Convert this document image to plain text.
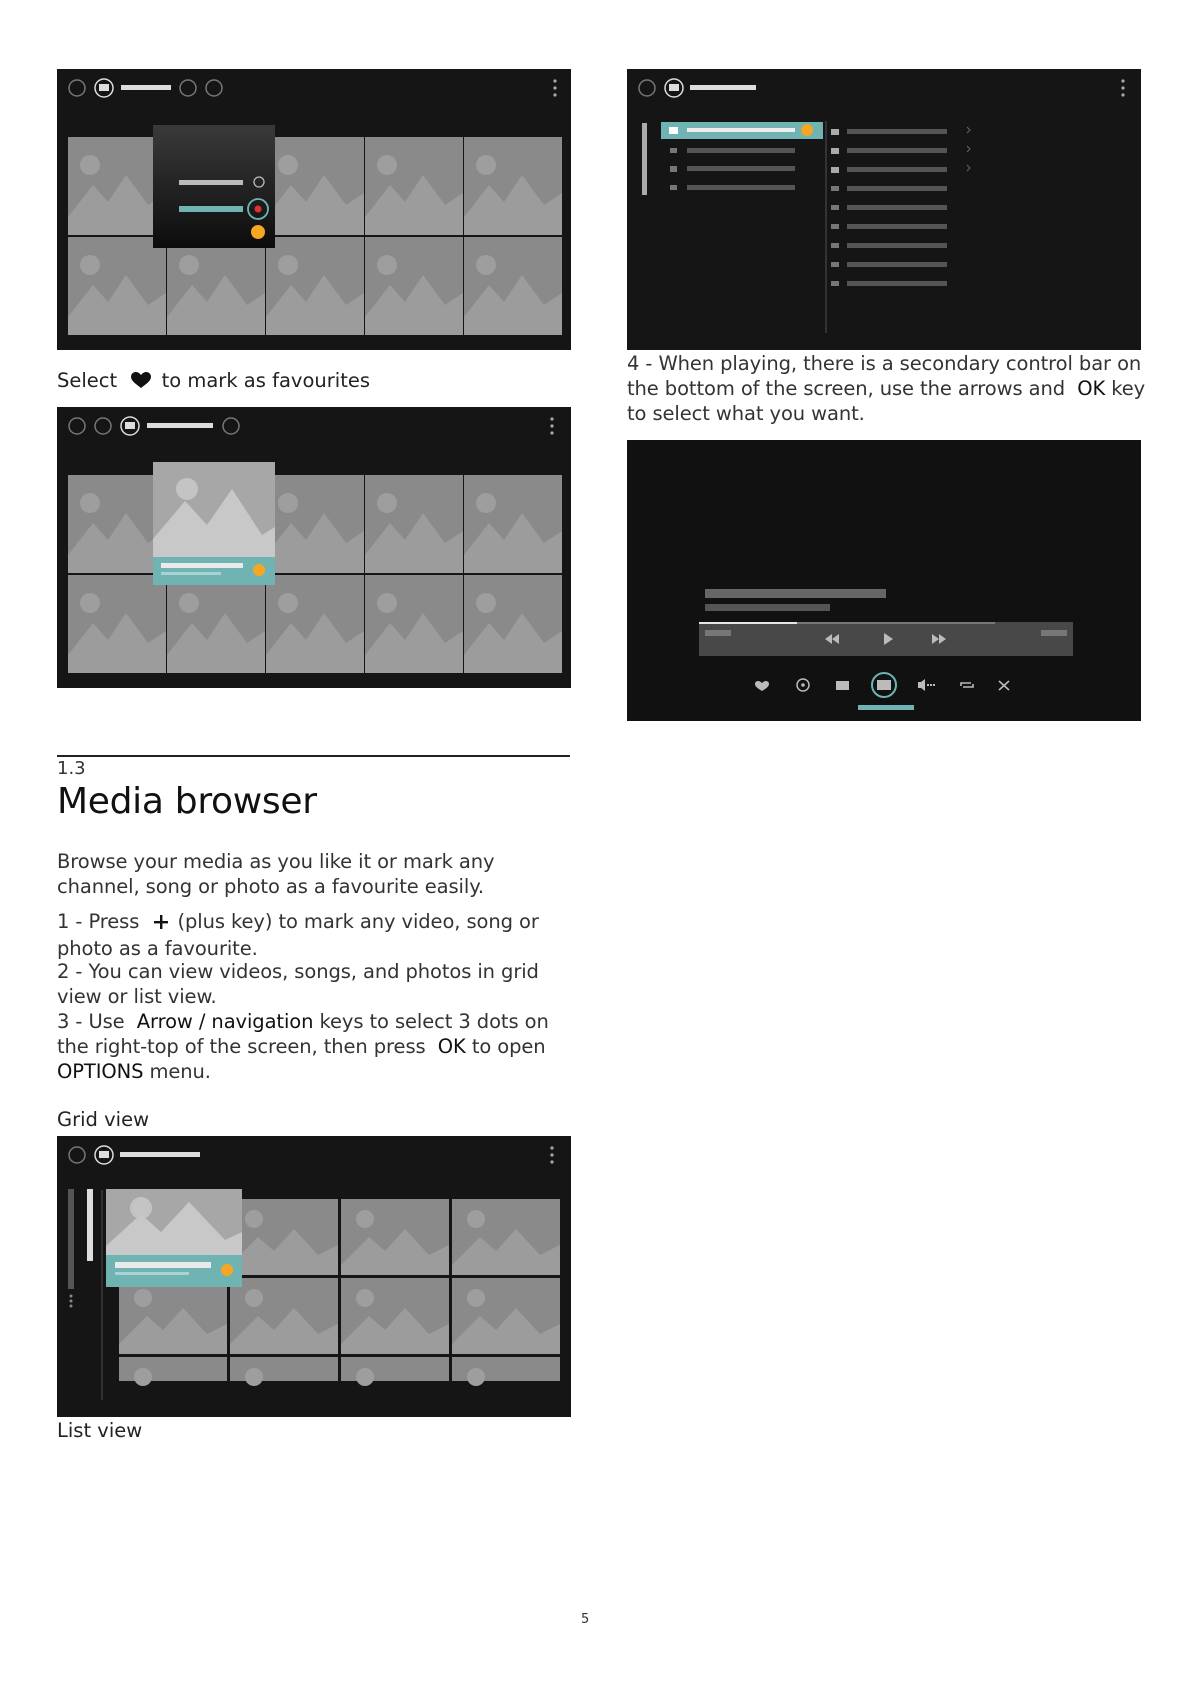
Select to mark as favourites
4 - When playing, there is a secondary control bar on the bottom of the screen, use the arrows and OK key to select what you want.
1.3
Media browser
Browse your media as you like it or mark any channel, song or photo as a favourite easily.
1 - Press (plus key) to mark any video, song or photo as a favourite.
2 - You can view videos, songs, and photos in grid view or list view.
3 - Use Arrow / navigation keys to select 3 dots on the right-top of the screen, then press OK to open  OPTIONS menu.
Grid view
List view
5
